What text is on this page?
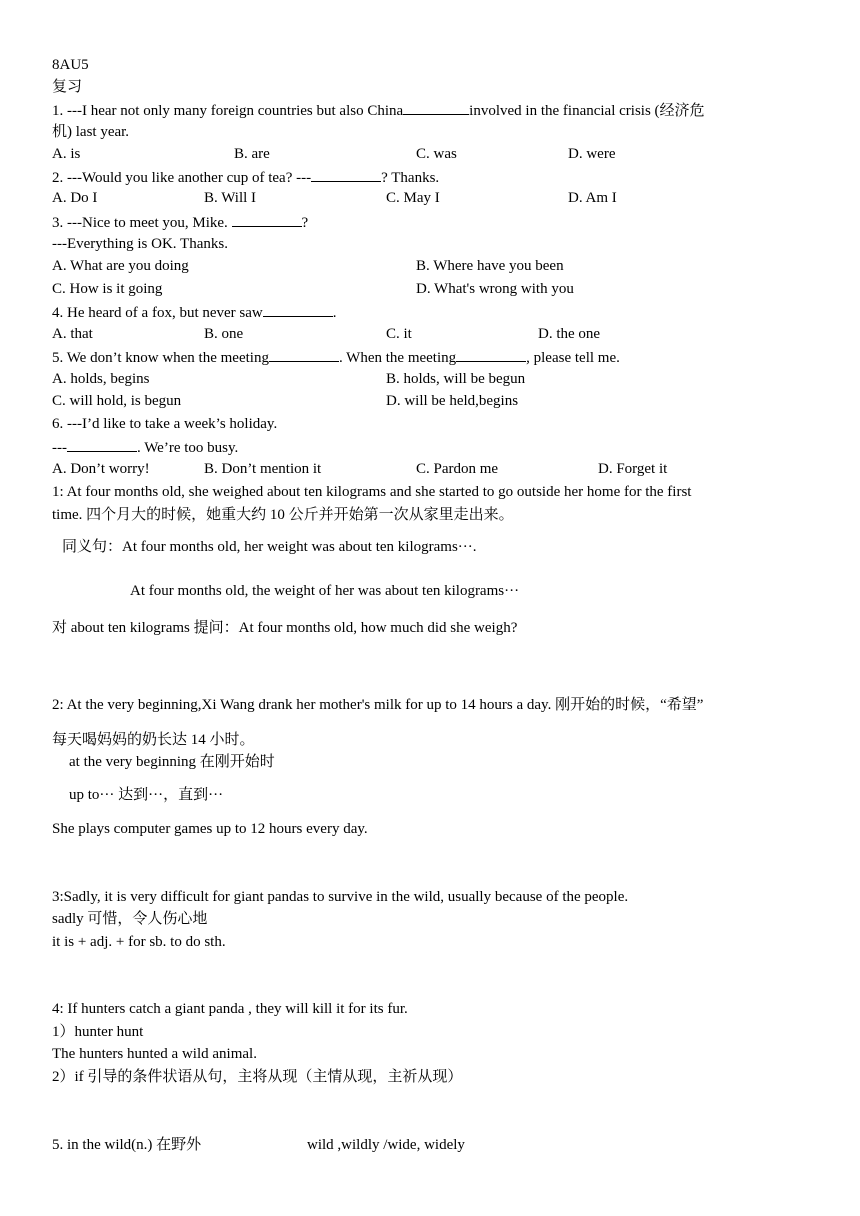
8AU5
复习
1. ---I hear not only many foreign countries but also China	involved in the financial crisis (经济危
机) last year.
A. is	B. are	C. was	D. were
2. ---Would you like another cup of tea? ---	? Thanks.
A. Do I	B. Will I	C. May I	D. Am I
3. ---Nice to meet you, Mike.	?
---Everything is OK. Thanks.
A. What are you doing	B. Where have you been
C. How is it going	D. What's wrong with you
4. He heard of a fox, but never saw	.
A. that	B. one	C. it	D. the one
5. We don’t know when the meeting	. When the meeting	, please tell me.
A. holds, begins	B. holds, will be begun
C. will hold, is begun	D. will be held,begins
6. ---I’d like to take a week’s holiday.
---	. We’re too busy.
A. Don’t worry!	B. Don’t mention it	C. Pardon me	D. Forget it
1: At four months old, she weighed about ten kilograms and she started to go outside her home for the first
time. 四个月大的时候，她重大约 10 公斤并开始第一次从家里走出来。
同义句：At four months old, her weight was about ten kilograms···.
At four months old, the weight of her was about ten kilograms···
对 about ten kilograms 提问：At four months old, how much did she weigh?
2: At the very beginning,Xi Wang drank her mother's milk for up to 14 hours a day. 刚开始的时候，“希望”
每天喝妈妈的奶长达 14 小时。
at the very beginning 在刚开始时
up to··· 达到···，直到···
She plays computer games up to 12 hours every day.
3:Sadly, it is very difficult for giant pandas to survive in the wild, usually because of the people.
sadly 可惜，令人伤心地
it is + adj. + for sb. to do sth.
4: If hunters catch a giant panda , they will kill it for its fur.
1）hunter hunt
The hunters hunted a wild animal.
2）if 引导的条件状语从句，主将从现（主情从现，主祈从现）
5. in the wild(n.) 在野外	wild ,wildly /wide, widely
